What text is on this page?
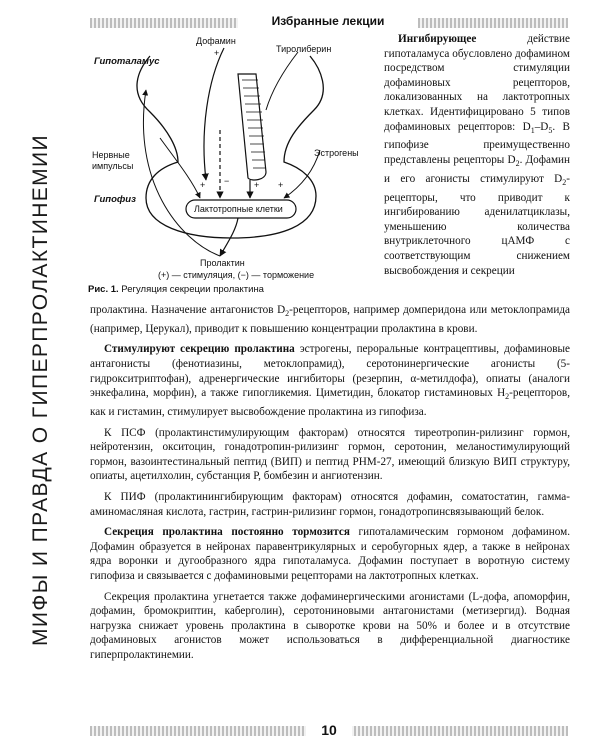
Избранные лекции
МИФЫ И ПРАВДА О ГИПЕРПРОЛАКТИНЕМИИ
Дофамин
+	Тиролиберин
Гипоталамус
Нервные
импульсы
Эстрогены
Гипофиз
Лактотропные клетки
+ −	+ +
Пролактин
(+) — стимуляция, (−) — торможение
Рис. 1. Регуляция секреции пролактина

Ингибирующее действие гипоталамуса обусловлено дофамином посредством стимуляции дофаминовых рецепторов, локализованных на лактотропных клетках. Идентифицировано 5 типов дофаминовых рецепторов: $D_1-D_5$. В гипофизе преимущественно представлены рецепторы $D_2$. Дофамин и его агонисты стимулируют $D_2$-рецепторы, что приводит к ингибированию аденилатциклазы, уменьшению количества внутриклеточного цАМФ с соответствующим снижением высвобождения и секреции

пролактина. Назначение антагонистов $D_2$-рецепторов, например домперидона или метоклопрамида (например, Церукал), приводит к повышению концентрации пролактина в крови.

Стимулируют секрецию пролактина эстрогены, пероральные контрацептивы, дофаминовые антагонисты (фенотиазины, метоклопрамид), серотонинергические агонисты (5-гидрокситриптофан), адренергические ингибиторы (резерпин, α-метилдофа), опиаты (аналоги энкефалина, морфин), а также гипогликемия. Циметидин, блокатор гистаминовых $H_2$-рецепторов, как и гистамин, стимулирует высвобождение пролактина из гипофиза.

К ПСФ (пролактинстимулирующим факторам) относятся тиреотропин-рилизинг гормон, нейротензин, окситоцин, гонадотропин-рилизинг гормон, серотонин, меланостимулирующий гормон, вазоинтестинальный пептид (ВИП) и пептид PHM-27, имеющий близкую ВИП структуру, опиаты, ацетилхолин, субстанция P, бомбезин и ангиотензин.

К ПИФ (пролактинингибирующим факторам) относятся дофамин, соматостатин, гамма-аминомасляная кислота, гастрин, гастрин-рилизинг гормон, гонадотропинсвязывающий белок.

Секреция пролактина постоянно тормозится гипоталамическим гормоном дофамином. Дофамин образуется в нейронах паравентрикулярных и серобугорных ядер, а также в нейронах ядра воронки и дугообразного ядра гипоталамуса. Дофамин поступает в воротную систему гипофиза и связывается с дофаминовыми рецепторами на лактотропных клетках.

Секреция пролактина угнетается также дофаминергическими агонистами (L-дофа, апоморфин, дофамин, бромокриптин, каберголин), серотониновыми антагонистами (метизергид). Водная нагрузка снижает уровень пролактина в сыворотке крови на 50% и более и в отсутствие дофаминовых агонистов может использоваться в дифференциальной диагностике гиперпролактинемии.

10
